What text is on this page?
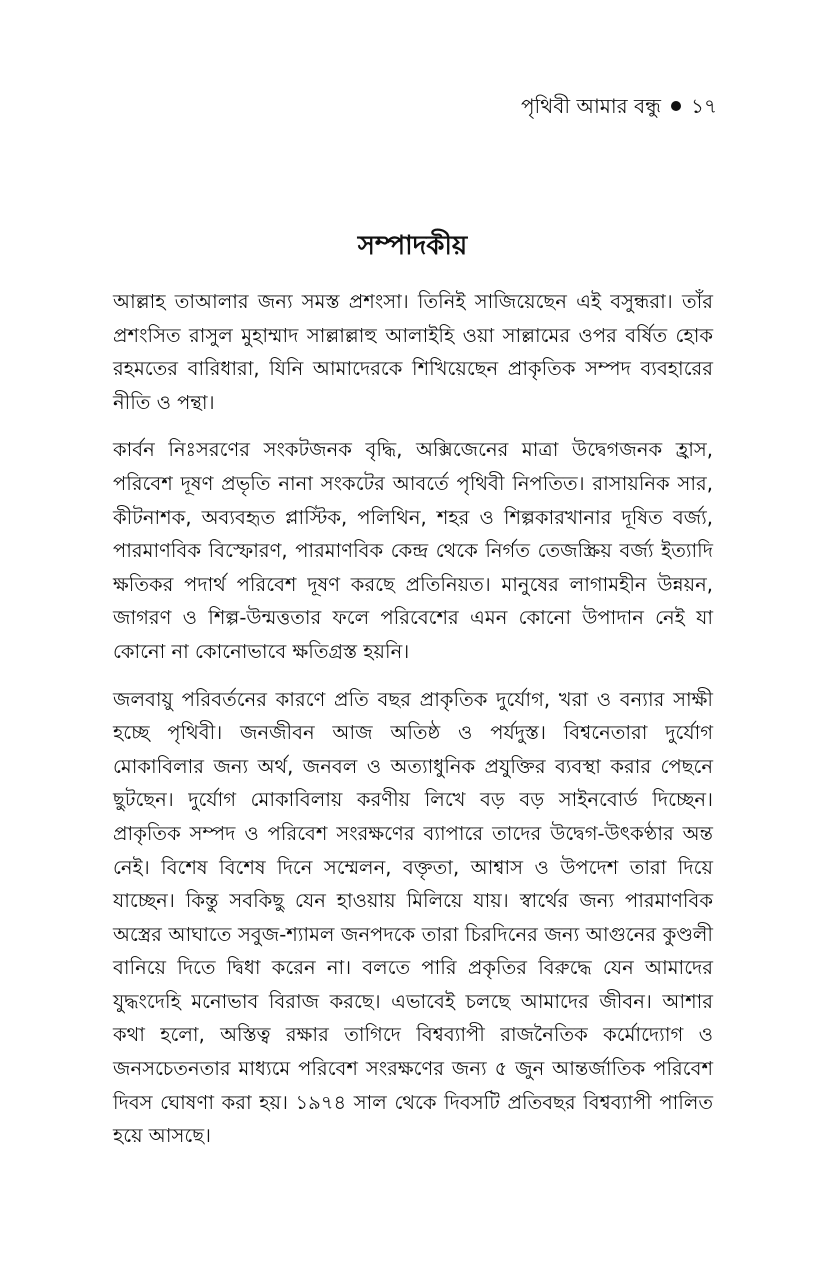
পৃথিবী আমার বন্ধু ১৭
সম্পাদকীয়

আল্লাহ তাআলার জন্য সমস্ত প্রশংসা। তিনিই সাজিয়েছেন এই বসুন্ধরা। তাঁর প্রশংসিত রাসুল মুহাম্মাদ সাল্লাল্লাহু আলাইহি ওয়া সাল্লামের ওপর বর্ষিত হোক রহমতের বারিধারা, যিনি আমাদেরকে শিখিয়েছেন প্রাকৃতিক সম্পদ ব্যবহারের নীতি ও পন্থা।

কার্বন নিঃসরণের সংকটজনক বৃদ্ধি, অক্সিজেনের মাত্রা উদ্বেগজনক হ্রাস, পরিবেশ দূষণ প্রভৃতি নানা সংকটের আবর্তে পৃথিবী নিপতিত। রাসায়নিক সার, কীটনাশক, অব্যবহৃত প্লাস্টিক, পলিথিন, শহর ও শিল্পকারখানার দূষিত বর্জ্য, পারমাণবিক বিস্ফোরণ, পারমাণবিক কেন্দ্র থেকে নির্গত তেজস্ক্রিয় বর্জ্য ইত্যাদি ক্ষতিকর পদার্থ পরিবেশ দূষণ করছে প্রতিনিয়ত। মানুষের লাগামহীন উন্নয়ন, জাগরণ ও শিল্প-উন্মত্ততার ফলে পরিবেশের এমন কোনো উপাদান নেই যা কোনো না কোনোভাবে ক্ষতিগ্রস্ত হয়নি।

জলবায়ু পরিবর্তনের কারণে প্রতি বছর প্রাকৃতিক দুর্যোগ, খরা ও বন্যার সাক্ষী হচ্ছে পৃথিবী। জনজীবন আজ অতিষ্ঠ ও পর্যদুস্ত। বিশ্বনেতারা দুর্যোগ মোকাবিলার জন্য অর্থ, জনবল ও অত্যাধুনিক প্রযুক্তির ব্যবস্থা করার পেছনে ছুটছেন। দুর্যোগ মোকাবিলায় করণীয় লিখে বড় বড় সাইনবোর্ড দিচ্ছেন। প্রাকৃতিক সম্পদ ও পরিবেশ সংরক্ষণের ব্যাপারে তাদের উদ্বেগ-উৎকণ্ঠার অন্ত নেই। বিশেষ বিশেষ দিনে সম্মেলন, বক্তৃতা, আশ্বাস ও উপদেশ তারা দিয়ে যাচ্ছেন। কিন্তু সবকিছু যেন হাওয়ায় মিলিয়ে যায়। স্বার্থের জন্য পারমাণবিক অস্ত্রের আঘাতে সবুজ-শ্যামল জনপদকে তারা চিরদিনের জন্য আগুনের কুণ্ডলী বানিয়ে দিতে দ্বিধা করেন না। বলতে পারি প্রকৃতির বিরুদ্ধে যেন আমাদের যুদ্ধংদেহি মনোভাব বিরাজ করছে। এভাবেই চলছে আমাদের জীবন। আশার কথা হলো, অস্তিত্ব রক্ষার তাগিদে বিশ্বব্যাপী রাজনৈতিক কর্মোদ্যোগ ও জনসচেতনতার মাধ্যমে পরিবেশ সংরক্ষণের জন্য ৫ জুন আন্তর্জাতিক পরিবেশ দিবস ঘোষণা করা হয়। ১৯৭৪ সাল থেকে দিবসটি প্রতিবছর বিশ্বব্যাপী পালিত হয়ে আসছে।
